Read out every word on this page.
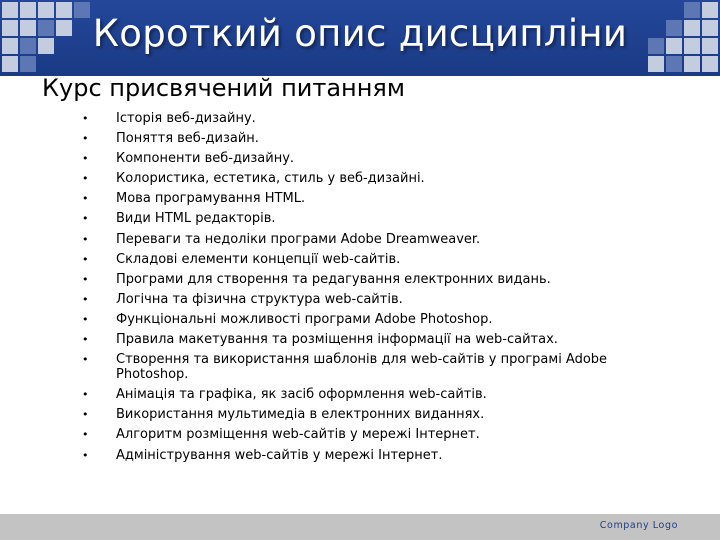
Короткий опис дисципліни
Курс присвячений питанням
• Історія веб-дизайну.
• Поняття веб-дизайн.
• Компоненти веб-дизайну.
• Колористика, естетика, стиль у веб-дизайні.
• Мова програмування HTML.
• Види HTML редакторів.
• Переваги та недоліки програми Adobe Dreamweaver.
• Складові елементи концепції web-сайтів.
• Програми для створення та редагування електронних видань.
• Логічна та фізична структура web-сайтів.
• Функціональні можливості програми Adobe Photoshop.
• Правила макетування та розміщення інформації на web-сайтах.
• Створення та використання шаблонів для web-сайтів у програмі Adobe Photoshop.
• Анімація та графіка, як засіб оформлення web-сайтів.
• Використання мультимедіа в електронних виданнях.
• Алгоритм розміщення web-сайтів у мережі Інтернет.
• Адміністрування web-сайтів у мережі Інтернет.
Company Logo
